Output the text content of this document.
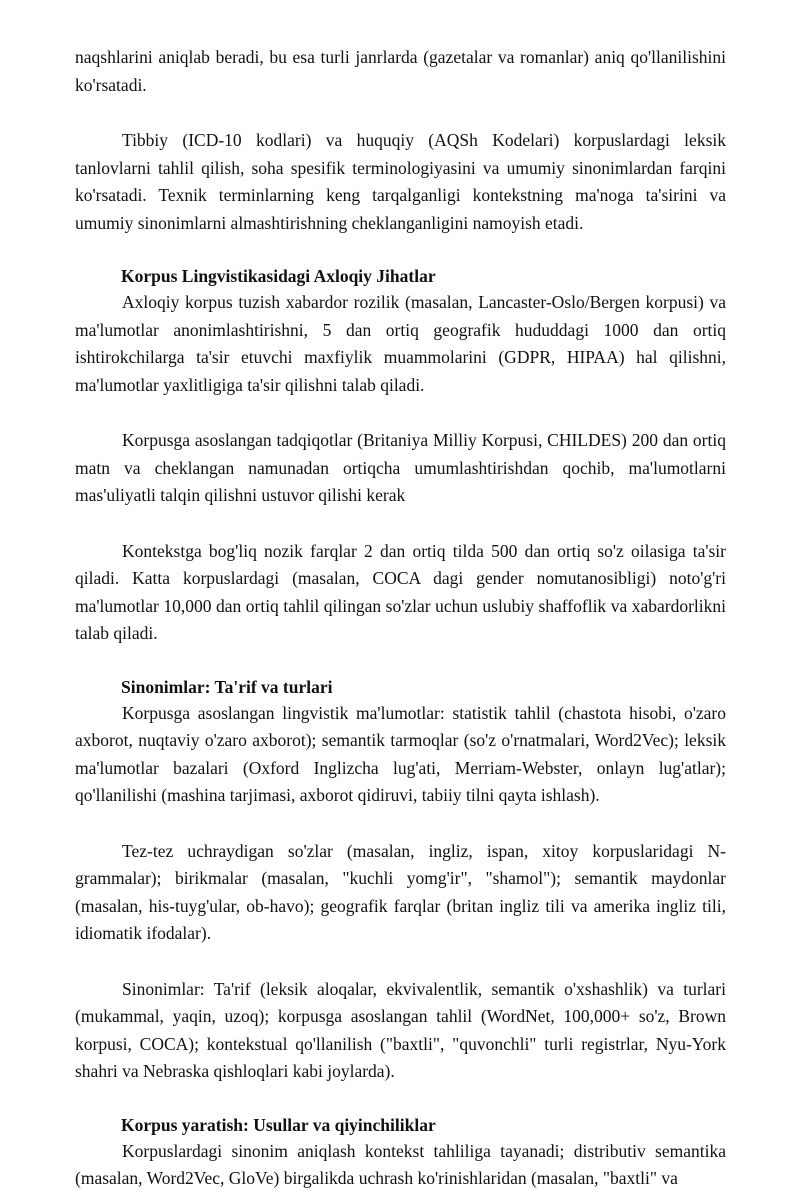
naqshlarini aniqlab beradi, bu esa turli janrlarda (gazetalar va romanlar) aniq qo'llanilishini ko'rsatadi.

Tibbiy (ICD-10 kodlari) va huquqiy (AQSh Kodelari) korpuslardagi leksik tanlovlarni tahlil qilish, soha spesifik terminologiyasini va umumiy sinonimlardan farqini ko'rsatadi. Texnik terminlarning keng tarqalganligi kontekstning ma'noga ta'sirini va umumiy sinonimlarni almashtirishning cheklanganligini namoyish etadi.

Korpus Lingvistikasidagi Axloqiy Jihatlar

Axloqiy korpus tuzish xabardor rozilik (masalan, Lancaster-Oslo/Bergen korpusi) va ma'lumotlar anonimlashtirishni, 5 dan ortiq geografik hududdagi 1000 dan ortiq ishtirokchilarga ta'sir etuvchi maxfiylik muammolarini (GDPR, HIPAA) hal qilishni, ma'lumotlar yaxlitligiga ta'sir qilishni talab qiladi.

Korpusga asoslangan tadqiqotlar (Britaniya Milliy Korpusi, CHILDES) 200 dan ortiq matn va cheklangan namunadan ortiqcha umumlashtirishdan qochib, ma'lumotlarni mas'uliyatli talqin qilishni ustuvor qilishi kerak

Kontekstga bog'liq nozik farqlar 2 dan ortiq tilda 500 dan ortiq so'z oilasiga ta'sir qiladi. Katta korpuslardagi (masalan, COCA dagi gender nomutanosibligi) noto'g'ri ma'lumotlar 10,000 dan ortiq tahlil qilingan so'zlar uchun uslubiy shaffoflik va xabardorlikni talab qiladi.

Sinonimlar: Ta'rif va turlari

Korpusga asoslangan lingvistik ma'lumotlar: statistik tahlil (chastota hisobi, o'zaro axborot, nuqtaviy o'zaro axborot); semantik tarmoqlar (so'z o'rnatmalari, Word2Vec); leksik ma'lumotlar bazalari (Oxford Inglizcha lug'ati, Merriam-Webster, onlayn lug'atlar); qo'llanilishi (mashina tarjimasi, axborot qidiruvi, tabiiy tilni qayta ishlash).

Tez-tez uchraydigan so'zlar (masalan, ingliz, ispan, xitoy korpuslaridagi N-grammalar); birikmalar (masalan, "kuchli yomg'ir", "shamol"); semantik maydonlar (masalan, his-tuyg'ular, ob-havo); geografik farqlar (britan ingliz tili va amerika ingliz tili, idiomatik ifodalar).

Sinonimlar: Ta'rif (leksik aloqalar, ekvivalentlik, semantik o'xshashlik) va turlari (mukammal, yaqin, uzoq); korpusga asoslangan tahlil (WordNet, 100,000+ so'z, Brown korpusi, COCA); kontekstual qo'llanilish ("baxtli", "quvonchli" turli registrlar, Nyu-York shahri va Nebraska qishloqlari kabi joylarda).

Korpus yaratish: Usullar va qiyinchiliklar

Korpuslardagi sinonim aniqlash kontekst tahliliga tayanadi; distributiv semantika (masalan, Word2Vec, GloVe) birgalikda uchrash ko'rinishlaridan (masalan, "baxtli" va
